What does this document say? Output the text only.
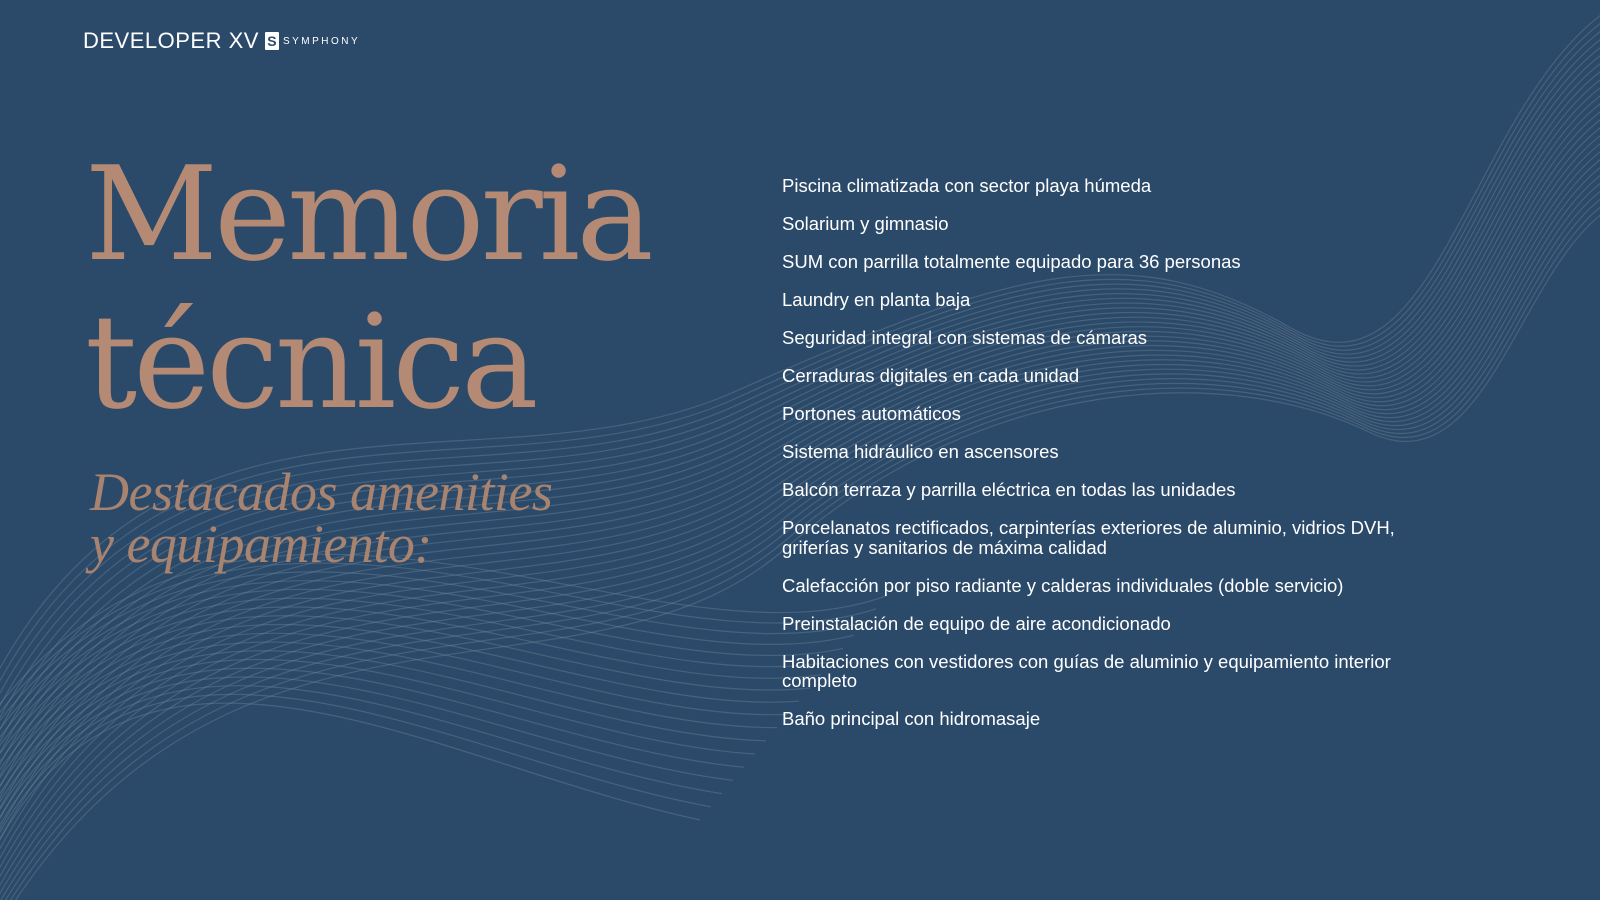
DEVELOPER XV S SYMPHONY
Memoria
técnica
Destacados amenities
y equipamiento:
Piscina climatizada con sector playa húmeda
Solarium y gimnasio
SUM con parrilla totalmente equipado para 36 personas
Laundry en planta baja
Seguridad integral con sistemas de cámaras
Cerraduras digitales en cada unidad
Portones automáticos
Sistema hidráulico en ascensores
Balcón terraza y parrilla eléctrica en todas las unidades
Porcelanatos rectificados, carpinterías exteriores de aluminio, vidrios DVH, griferías y sanitarios de máxima calidad
Calefacción por piso radiante y calderas individuales (doble servicio)
Preinstalación de equipo de aire acondicionado
Habitaciones con vestidores con guías de aluminio y equipamiento interior completo
Baño principal con hidromasaje
